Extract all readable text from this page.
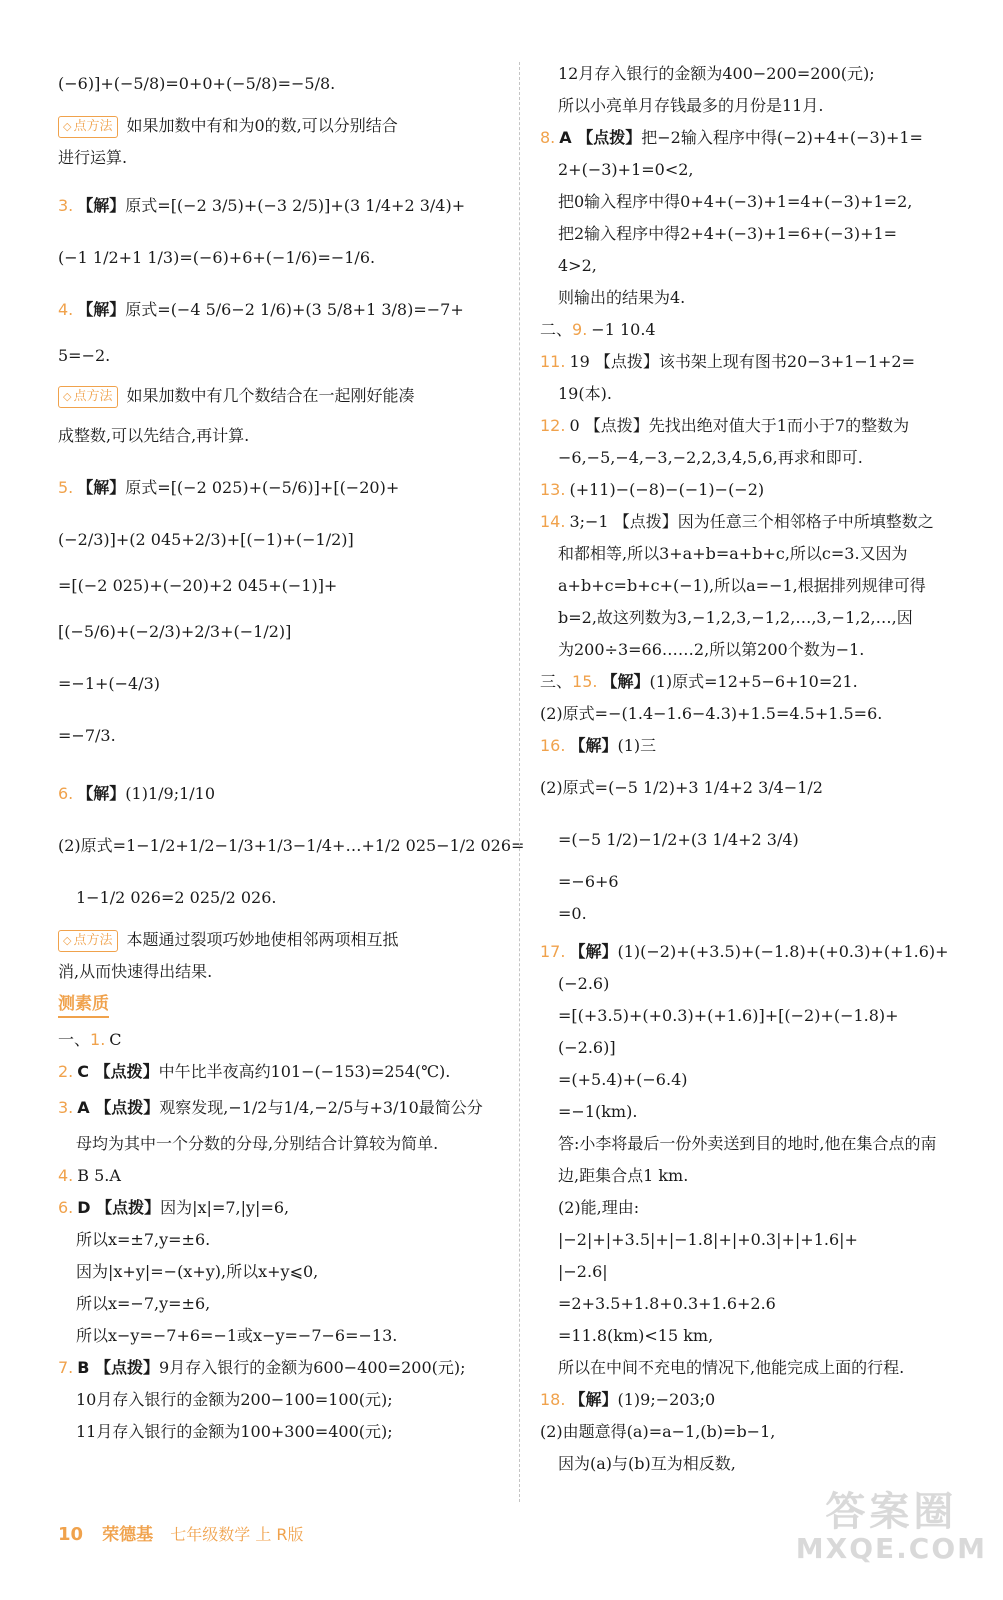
(−6)]+(−5/8)=0+0+(−5/8)=−5/8.
◇ 点方法 如果加数中有和为0的数,可以分别结合
进行运算.
3. 【解】原式=[(−2 3/5)+(−3 2/5)]+(3 1/4+2 3/4)+
(−1 1/2+1 1/3)=(−6)+6+(−1/6)=−1/6.
4. 【解】原式=(−4 5/6−2 1/6)+(3 5/8+1 3/8)=−7+
5=−2.
◇ 点方法 如果加数中有几个数结合在一起刚好能凑
成整数,可以先结合,再计算.
5. 【解】原式=[(−2 025)+(−5/6)]+[(−20)+
(−2/3)]+(2 045+2/3)+[(−1)+(−1/2)]
=[(−2 025)+(−20)+2 045+(−1)]+
[(−5/6)+(−2/3)+2/3+(−1/2)]
=−1+(−4/3)
=−7/3.
6. 【解】(1)1/9;1/10
(2)原式=1−1/2+1/2−1/3+1/3−1/4+…+1/2 025−1/2 026=
1−1/2 026=2 025/2 026.
◇ 点方法 本题通过裂项巧妙地使相邻两项相互抵
消,从而快速得出结果.
测素质
一、1. C
2. C 【点拨】中午比半夜高约101−(−153)=254(℃).
3. A 【点拨】观察发现,−1/2与1/4,−2/5与+3/10最简公分
母均为其中一个分数的分母,分别结合计算较为简单.
4. B 5.A
6. D 【点拨】因为|x|=7,|y|=6,
所以x=±7,y=±6.
因为|x+y|=−(x+y),所以x+y⩽0,
所以x=−7,y=±6,
所以x−y=−7+6=−1或x−y=−7−6=−13.
7. B 【点拨】9月存入银行的金额为600−400=200(元);
10月存入银行的金额为200−100=100(元);
11月存入银行的金额为100+300=400(元);
12月存入银行的金额为400−200=200(元);
所以小亮单月存钱最多的月份是11月.
8. A 【点拨】把−2输入程序中得(−2)+4+(−3)+1=
2+(−3)+1=0<2,
把0输入程序中得0+4+(−3)+1=4+(−3)+1=2,
把2输入程序中得2+4+(−3)+1=6+(−3)+1=
4>2,
则输出的结果为4.
二、9. −1 10.4
11. 19 【点拨】该书架上现有图书20−3+1−1+2=
19(本).
12. 0 【点拨】先找出绝对值大于1而小于7的整数为
−6,−5,−4,−3,−2,2,3,4,5,6,再求和即可.
13. (+11)−(−8)−(−1)−(−2)
14. 3;−1 【点拨】因为任意三个相邻格子中所填整数之
和都相等,所以3+a+b=a+b+c,所以c=3.又因为
a+b+c=b+c+(−1),所以a=−1,根据排列规律可得
b=2,故这列数为3,−1,2,3,−1,2,…,3,−1,2,…,因
为200÷3=66……2,所以第200个数为−1.
三、15. 【解】(1)原式=12+5−6+10=21.
(2)原式=−(1.4−1.6−4.3)+1.5=4.5+1.5=6.
16. 【解】(1)三
(2)原式=(−5 1/2)+3 1/4+2 3/4−1/2
=(−5 1/2)−1/2+(3 1/4+2 3/4)
=−6+6
=0.
17. 【解】(1)(−2)+(+3.5)+(−1.8)+(+0.3)+(+1.6)+
(−2.6)
=[(+3.5)+(+0.3)+(+1.6)]+[(−2)+(−1.8)+
(−2.6)]
=(+5.4)+(−6.4)
=−1(km).
答:小李将最后一份外卖送到目的地时,他在集合点的南
边,距集合点1 km.
(2)能,理由:
|−2|+|+3.5|+|−1.8|+|+0.3|+|+1.6|+
|−2.6|
=2+3.5+1.8+0.3+1.6+2.6
=11.8(km)<15 km,
所以在中间不充电的情况下,他能完成上面的行程.
18. 【解】(1)9;−203;0
(2)由题意得(a)=a−1,(b)=b−1,
因为(a)与(b)互为相反数,
10 荣德基 七年级数学 上 R版	答案圈
MXQE.COM
